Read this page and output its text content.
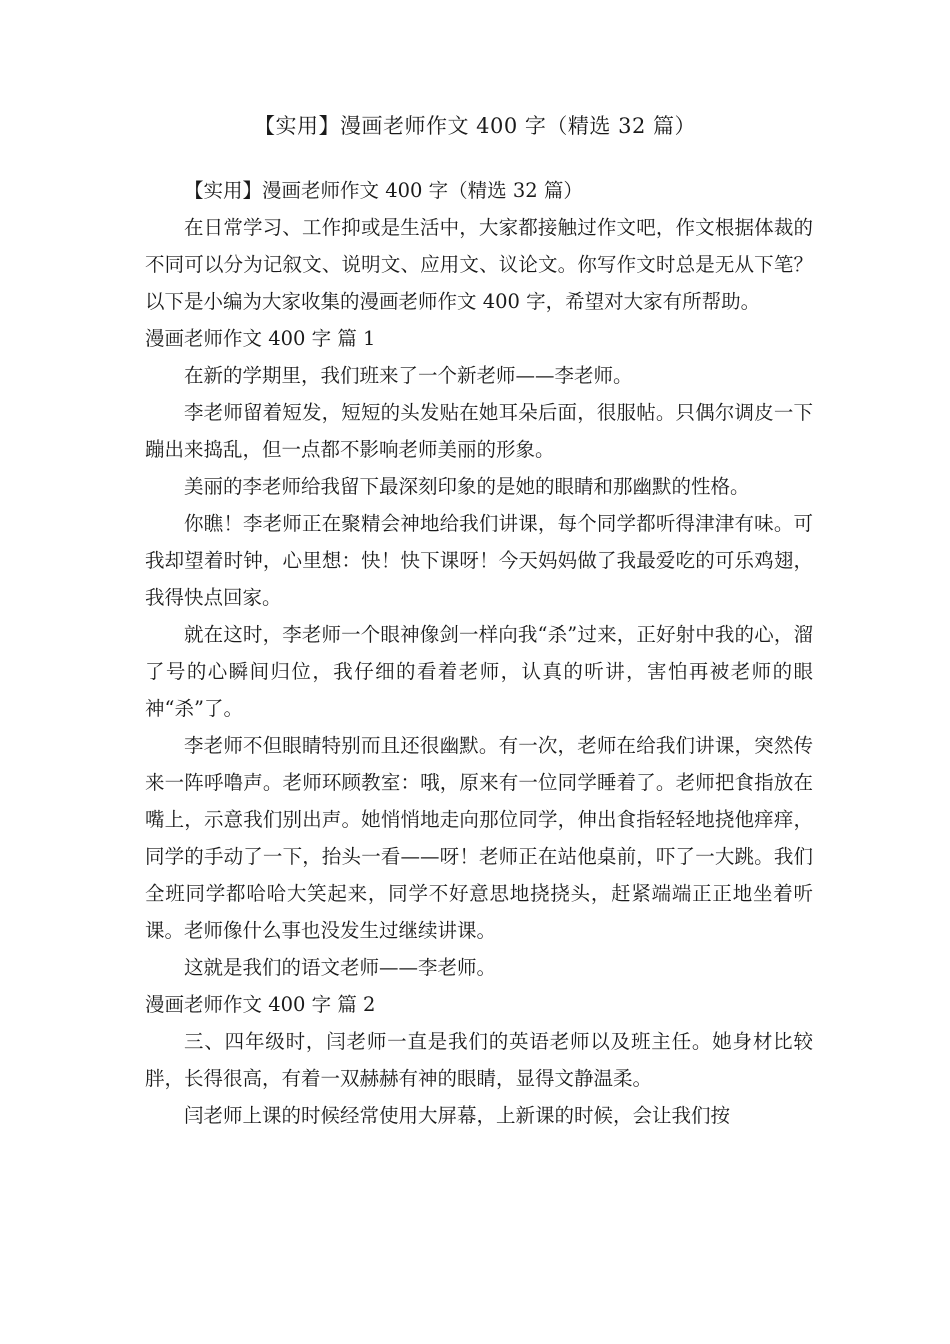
【实用】漫画老师作文 400 字（精选 32 篇）

【实用】漫画老师作文 400 字（精选 32 篇）

在日常学习、工作抑或是生活中，大家都接触过作文吧，作文根据体裁的不同可以分为记叙文、说明文、应用文、议论文。你写作文时总是无从下笔？以下是小编为大家收集的漫画老师作文 400 字，希望对大家有所帮助。

漫画老师作文 400 字 篇 1

在新的学期里，我们班来了一个新老师——李老师。

李老师留着短发，短短的头发贴在她耳朵后面，很服帖。只偶尔调皮一下蹦出来捣乱，但一点都不影响老师美丽的形象。

美丽的李老师给我留下最深刻印象的是她的眼睛和那幽默的性格。

你瞧！李老师正在聚精会神地给我们讲课，每个同学都听得津津有味。可我却望着时钟，心里想：快！快下课呀！今天妈妈做了我最爱吃的可乐鸡翅，我得快点回家。

就在这时，李老师一个眼神像剑一样向我“杀”过来，正好射中我的心，溜了号的心瞬间归位，我仔细的看着老师，认真的听讲，害怕再被老师的眼神“杀”了。

李老师不但眼睛特别而且还很幽默。有一次，老师在给我们讲课，突然传来一阵呼噜声。老师环顾教室：哦，原来有一位同学睡着了。老师把食指放在嘴上，示意我们别出声。她悄悄地走向那位同学，伸出食指轻轻地挠他痒痒，同学的手动了一下，抬头一看——呀！老师正在站他桌前，吓了一大跳。我们全班同学都哈哈大笑起来，同学不好意思地挠挠头，赶紧端端正正地坐着听课。老师像什么事也没发生过继续讲课。

这就是我们的语文老师——李老师。

漫画老师作文 400 字 篇 2

三、四年级时，闫老师一直是我们的英语老师以及班主任。她身材比较胖，长得很高，有着一双赫赫有神的眼睛，显得文静温柔。

闫老师上课的时候经常使用大屏幕，上新课的时候，会让我们按
